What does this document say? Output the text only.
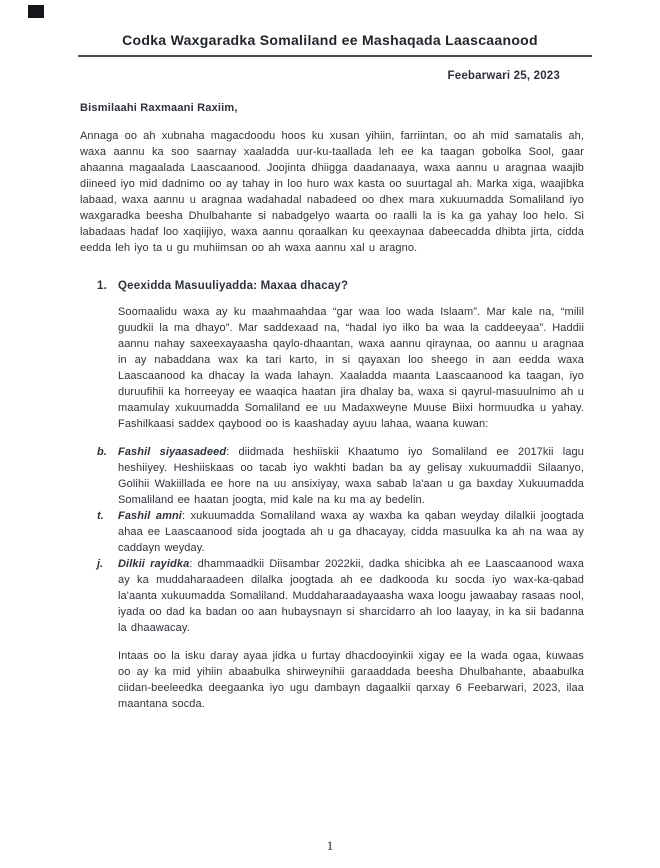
Codka Waxgaradka Somaliland ee Mashaqada Laascaanood
Feebarwari 25, 2023

Bismilaahi Raxmaani Raxiim,

Annaga oo ah xubnaha magacdoodu hoos ku xusan yihiin, farriintan, oo ah mid samatalis ah, waxa aannu ka soo saarnay xaaladda uur-ku-taallada leh ee ka taagan gobolka Sool, gaar ahaanna magaalada Laascaanood. Joojinta dhiigga daadanaaya, waxa aannu u aragnaa waajib diineed iyo mid dadnimo oo ay tahay in loo huro wax kasta oo suurtagal ah. Marka xiga, waajibka labaad, waxa aannu u aragnaa wadahadal nabadeed oo dhex mara xukuumadda Somaliland iyo waxgaradka beesha Dhulbahante si nabadgelyo waarta oo raalli la is ka ga yahay loo helo. Si labadaas hadaf loo xaqiijiyo, waxa aannu qoraalkan ku qeexaynaa dabeecadda dhibta jirta, cidda eedda leh iyo ta u gu muhiimsan oo ah waxa aannu xal u aragno.

1. Qeexidda Masuuliyadda: Maxaa dhacay?

Soomaalidu waxa ay ku maahmaahdaa “gar waa loo wada Islaam”. Mar kale na, “milil guudkii la ma dhayo”. Mar saddexaad na, “hadal iyo ilko ba waa la caddeeyaa”. Haddii aannu nahay saxeexayaasha qaylo-dhaantan, waxa aannu qiraynaa, oo aannu u aragnaa in ay nabaddana wax ka tari karto, in si qayaxan loo sheego in aan eedda waxa Laascaanood ka dhacay la wada lahayn. Xaaladda maanta Laascaanood ka taagan, iyo duruufihii ka horreeyay ee waaqica haatan jira dhalay ba, waxa si qayrul-masuulnimo ah u maamulay xukuumadda Somaliland ee uu Madaxweyne Muuse Biixi hormuudka u yahay. Fashilkaasi saddex qaybood oo is kaashaday ayuu lahaa, waana kuwan:

b.	Fashil siyaasadeed: diidmada heshiiskii Khaatumo iyo Somaliland ee 2017kii lagu heshiiyey. Heshiiskaas oo tacab iyo wakhti badan ba ay gelisay xukuumaddii Silaanyo, Golihii Wakiillada ee hore na uu ansixiyay, waxa sabab la'aan u ga baxday Xukuumadda Somaliland ee haatan joogta, mid kale na ku ma ay bedelin.

t.	Fashil amni: xukuumadda Somaliland waxa ay waxba ka qaban weyday dilalkii joogtada ahaa ee Laascaanood sida joogtada ah u ga dhacayay, cidda masuulka ka ah na waa ay caddayn weyday.

j.	Dilkii rayidka: dhammaadkii Diisambar 2022kii, dadka shicibka ah ee Laascaanood waxa ay ka muddaharaadeen dilalka joogtada ah ee dadkooda ku socda iyo wax-ka-qabad la'aanta xukuumadda Somaliland. Muddaharaadayaasha waxa loogu jawaabay rasaas nool, iyada oo dad ka badan oo aan hubaysnayn si sharcidarro ah loo laayay, in ka sii badanna la dhaawacay.

Intaas oo la isku daray ayaa jidka u furtay dhacdooyinkii xigay ee la wada ogaa, kuwaas oo ay ka mid yihiin abaabulka shirweynihii garaaddada beesha Dhulbahante, abaabulka ciidan-beeleedka deegaanka iyo ugu dambayn dagaalkii qarxay 6 Feebarwari, 2023, ilaa maantana socda.

1
